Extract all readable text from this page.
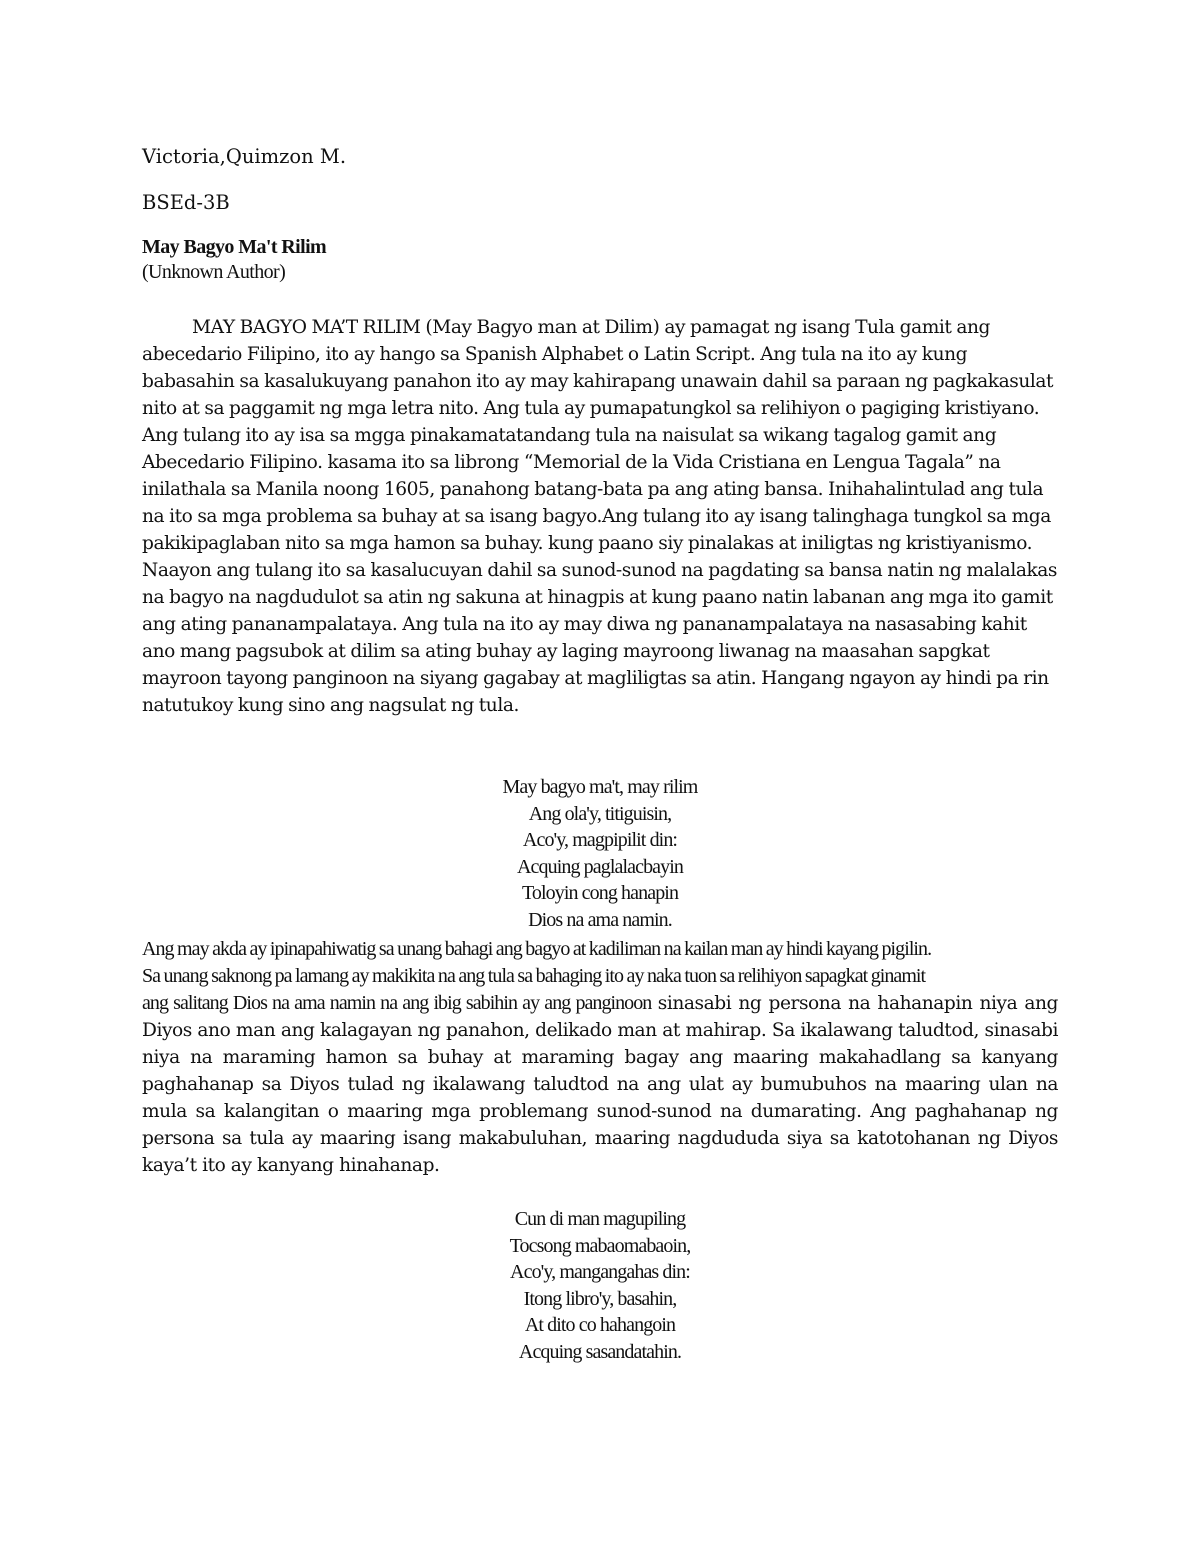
Victoria,Quimzon M.
BSEd-3B
May Bagyo Ma't Rilim
(Unknown Author)

MAY BAGYO MA’T RILIM (May Bagyo man at Dilim) ay pamagat ng isang Tula gamit ang abecedario Filipino, ito ay hango sa Spanish Alphabet o Latin Script. Ang tula na ito ay kung babasahin sa kasalukuyang panahon ito ay may kahirapang unawain dahil sa paraan ng pagkakasulat nito at sa paggamit ng mga letra nito. Ang tula ay pumapatungkol sa relihiyon o pagiging kristiyano. Ang tulang ito ay isa sa mgga pinakamatatandang tula na naisulat sa wikang tagalog gamit ang Abecedario Filipino. kasama ito sa librong “Memorial de la Vida Cristiana en Lengua Tagala” na inilathala sa Manila noong 1605, panahong batang-bata pa ang ating bansa. Inihahalintulad ang tula na ito sa mga problema sa buhay at sa isang bagyo.Ang tulang ito ay isang talinghaga tungkol sa mga pakikipaglaban nito sa mga hamon sa buhay. kung paano siy pinalakas at iniligtas ng kristiyanismo. Naayon ang tulang ito sa kasalucuyan dahil sa sunod-sunod na pagdating sa bansa natin ng malalakas na bagyo na nagdudulot sa atin ng sakuna at hinagpis at kung paano natin labanan ang mga ito gamit ang ating pananampalataya. Ang tula na ito ay may diwa ng pananampalataya na nasasabing kahit ano mang pagsubok at dilim sa ating buhay ay laging mayroong liwanag na maasahan sapgkat mayroon tayong panginoon na siyang gagabay at magliligtas sa atin. Hangang ngayon ay hindi pa rin natutukoy kung sino ang nagsulat ng tula.

May bagyo ma't, may rilim
Ang ola'y, titiguisin,
Aco'y, magpipilit din:
Acquing paglalacbayin
Toloyin cong hanapin
Dios na ama namin.

Ang may akda ay ipinapahiwatig sa unang bahagi ang bagyo at kadiliman na kailan man ay hindi kayang pigilin.
Sa unang saknong pa lamang ay makikita na ang tula sa bahaging ito ay naka tuon sa relihiyon sapagkat ginamit
ang salitang Dios na ama namin na ang ibig sabihin ay ang panginoon sinasabi ng persona na hahanapin niya ang Diyos ano man ang kalagayan ng panahon, delikado man at mahirap. Sa ikalawang taludtod, sinasabi niya na maraming hamon sa buhay at maraming bagay ang maaring makahadlang sa kanyang paghahanap sa Diyos tulad ng ikalawang taludtod na ang ulat ay bumubuhos na maaring ulan na mula sa kalangitan o maaring mga problemang sunod-sunod na dumarating. Ang paghahanap ng persona sa tula ay maaring isang makabuluhan, maaring nagdududa siya sa katotohanan ng Diyos kaya’t ito ay kanyang hinahanap.

Cun di man magupiling
Tocsong mabaomabaoin,
Aco'y, mangangahas din:
Itong libro'y, basahin,
At dito co hahangoin
Acquing sasandatahin.
